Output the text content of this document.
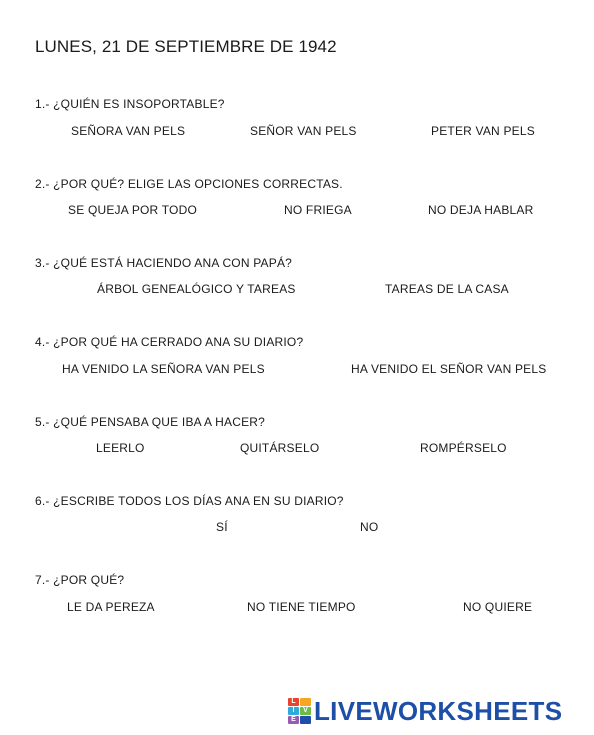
LUNES, 21 DE SEPTIEMBRE DE 1942
1.- ¿QUIÉN ES INSOPORTABLE?
SEÑORA VAN PELS	SEÑOR VAN PELS	PETER VAN PELS
2.- ¿POR QUÉ? ELIGE LAS OPCIONES CORRECTAS.
SE QUEJA POR TODO	NO FRIEGA	NO DEJA HABLAR
3.- ¿QUÉ ESTÁ HACIENDO ANA CON PAPÁ?
ÁRBOL GENEALÓGICO Y TAREAS	TAREAS DE LA CASA
4.- ¿POR QUÉ HA CERRADO ANA SU DIARIO?
HA VENIDO LA SEÑORA VAN PELS	HA VENIDO EL SEÑOR VAN PELS
5.- ¿QUÉ PENSABA QUE IBA A HACER?
LEERLO	QUITÁRSELO	ROMPÉRSELO
6.- ¿ESCRIBE TODOS LOS DÍAS ANA EN SU DIARIO?
SÍ	NO
7.- ¿POR QUÉ?
LE DA PEREZA	NO TIENE TIEMPO	NO QUIERE
L
I	V
E LIVEWORKSHEETS
